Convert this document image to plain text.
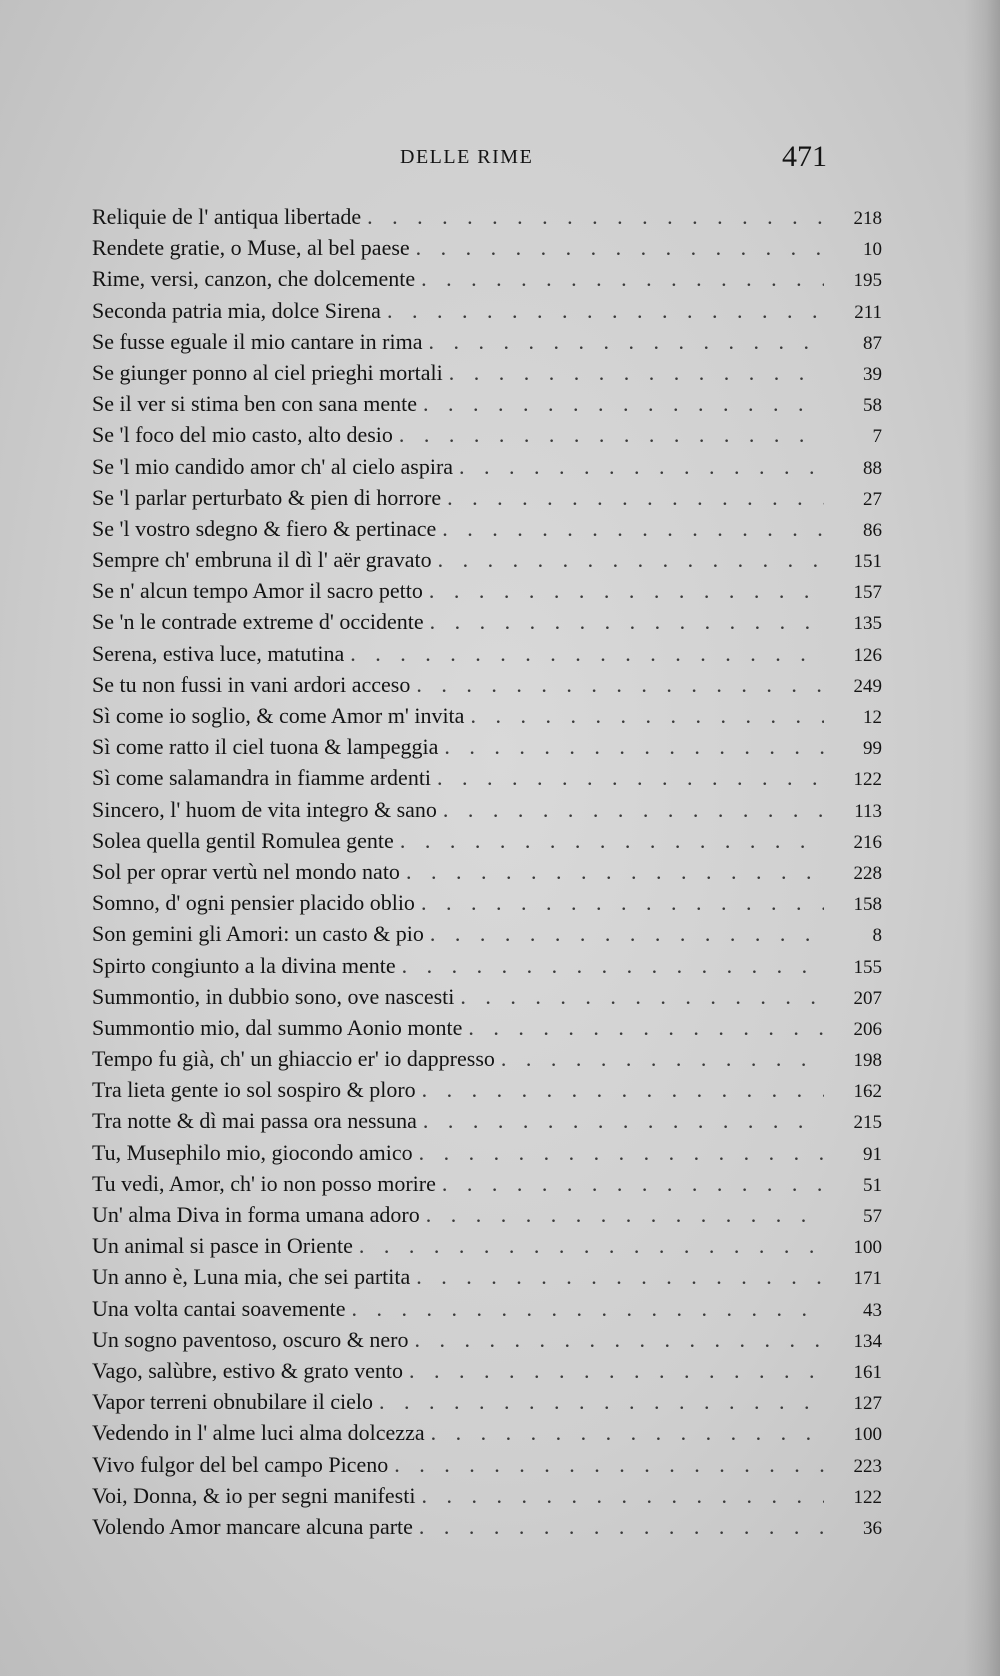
DELLE RIME	471
Reliquie de l' antiqua libertade . . .	218
Rendete gratie, o Muse, al bel paese . . .	10
Rime, versi, canzon, che dolcemente . . .	195
Seconda patria mia, dolce Sirena . . .	211
Se fusse eguale il mio cantare in rima . . .	87
Se giunger ponno al ciel prieghi mortali . . .	39
Se il ver si stima ben con sana mente . . .	58
Se 'l foco del mio casto, alto desio . . .	7
Se 'l mio candido amor ch' al cielo aspira . . .	88
Se 'l parlar perturbato & pien di horrore . . .	27
Se 'l vostro sdegno & fiero & pertinace . . .	86
Sempre ch' embruna il dì l' aër gravato . . .	151
Se n' alcun tempo Amor il sacro petto . . .	157
Se 'n le contrade extreme d' occidente . . .	135
Serena, estiva luce, matutina . . .	126
Se tu non fussi in vani ardori acceso . . .	249
Sì come io soglio, & come Amor m' invita . . .	12
Sì come ratto il ciel tuona & lampeggia . . .	99
Sì come salamandra in fiamme ardenti . . .	122
Sincero, l' huom de vita integro & sano . . .	113
Solea quella gentil Romulea gente . . .	216
Sol per oprar vertù nel mondo nato . . .	228
Somno, d' ogni pensier placido oblio . . .	158
Son gemini gli Amori: un casto & pio . . .	8
Spirto congiunto a la divina mente . . .	155
Summontio, in dubbio sono, ove nascesti . . .	207
Summontio mio, dal summo Aonio monte . . .	206
Tempo fu già, ch' un ghiaccio er' io dappresso . . .	198
Tra lieta gente io sol sospiro & ploro . . .	162
Tra notte & dì mai passa ora nessuna . . .	215
Tu, Musephilo mio, giocondo amico . . .	91
Tu vedi, Amor, ch' io non posso morire . . .	51
Un' alma Diva in forma umana adoro . . .	57
Un animal si pasce in Oriente . . .	100
Un anno è, Luna mia, che sei partita . . .	171
Una volta cantai soavemente . . .	43
Un sogno paventoso, oscuro & nero . . .	134
Vago, salùbre, estivo & grato vento . . .	161
Vapor terreni obnubilare il cielo . . .	127
Vedendo in l' alme luci alma dolcezza . . .	100
Vivo fulgor del bel campo Piceno . . .	223
Voi, Donna, & io per segni manifesti . . .	122
Volendo Amor mancare alcuna parte . . .	36
